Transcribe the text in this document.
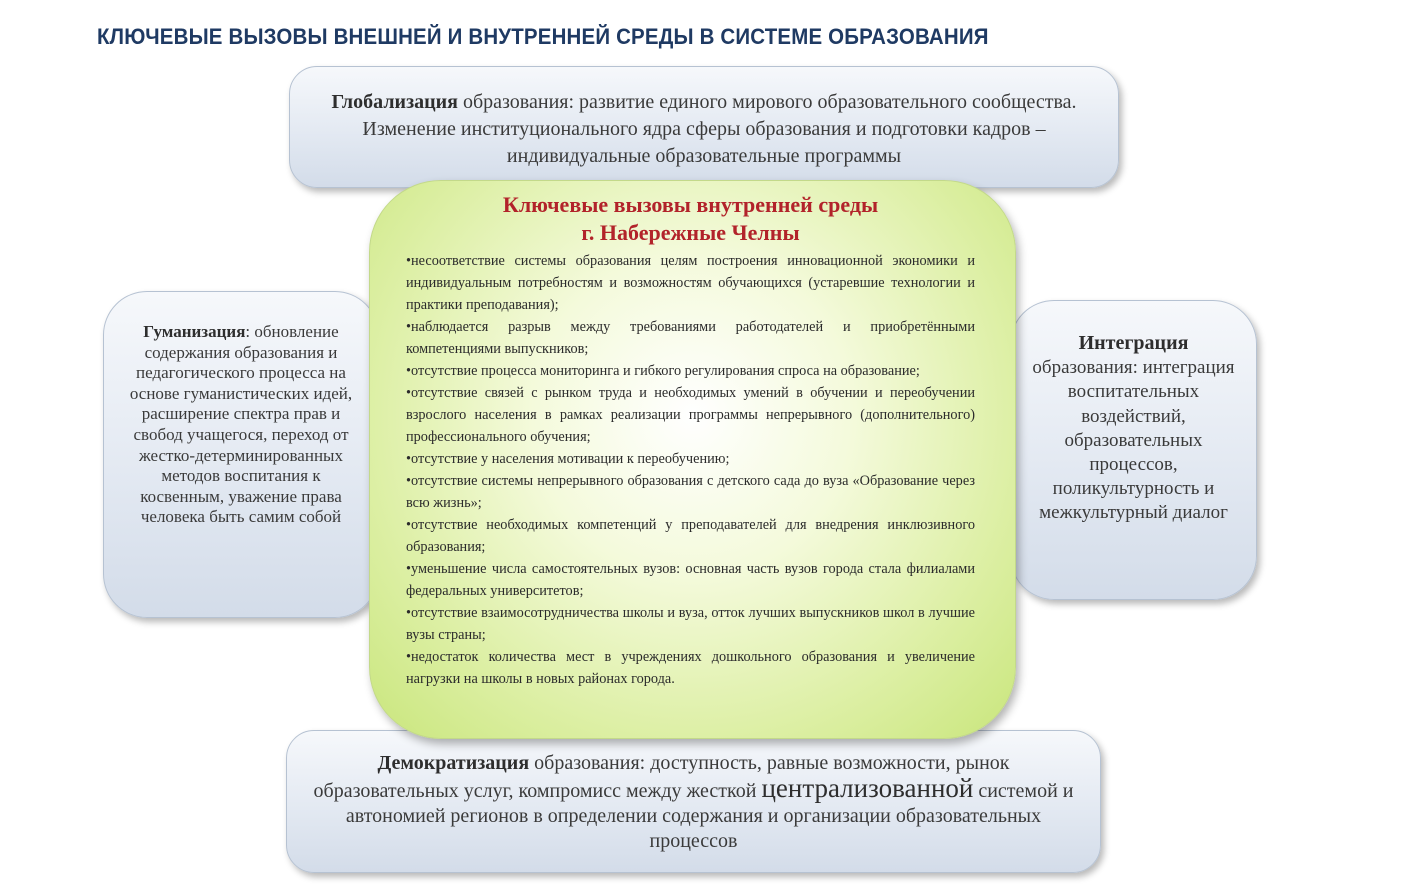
КЛЮЧЕВЫЕ ВЫЗОВЫ ВНЕШНЕЙ И ВНУТРЕННЕЙ СРЕДЫ В СИСТЕМЕ ОБРАЗОВАНИЯ
Глобализация образования: развитие единого мирового образовательного сообщества. Изменение институционального ядра сферы образования и подготовки кадров – индивидуальные образовательные программы
Гуманизация: обновление содержания образования и педагогического процесса на основе гуманистических идей, расширение спектра прав и свобод учащегося, переход от жестко-детерминированных методов воспитания к косвенным, уважение права человека быть самим собой
Интеграция
образования: интеграция воспитательных воздействий, образовательных процессов, поликультурность и межкультурный диалог
Демократизация образования: доступность, равные возможности, рынок образовательных услуг, компромисс между жесткой централизованной системой и автономией регионов в определении содержания и организации образовательных процессов
Ключевые вызовы внутренней среды
г. Набережные Челны
•несоответствие системы образования целям построения инновационной экономики и индивидуальным потребностям и возможностям обучающихся (устаревшие технологии и практики преподавания);
•наблюдается разрыв между требованиями работодателей и приобретёнными компетенциями выпускников;
•отсутствие процесса мониторинга и гибкого регулирования спроса на образование;
•отсутствие связей с рынком труда и необходимых умений в обучении и переобучении взрослого населения в рамках реализации программы непрерывного (дополнительного) профессионального обучения;
•отсутствие у населения мотивации к переобучению;
•отсутствие системы непрерывного образования с детского сада до вуза «Образование через всю жизнь»;
•отсутствие необходимых компетенций у преподавателей для внедрения инклюзивного образования;
•уменьшение числа самостоятельных вузов: основная часть вузов города стала филиалами федеральных университетов;
•отсутствие взаимосотрудничества школы и вуза, отток лучших выпускников школ в лучшие вузы страны;
•недостаток количества мест в учреждениях дошкольного образования и увеличение нагрузки на школы в новых районах города.
